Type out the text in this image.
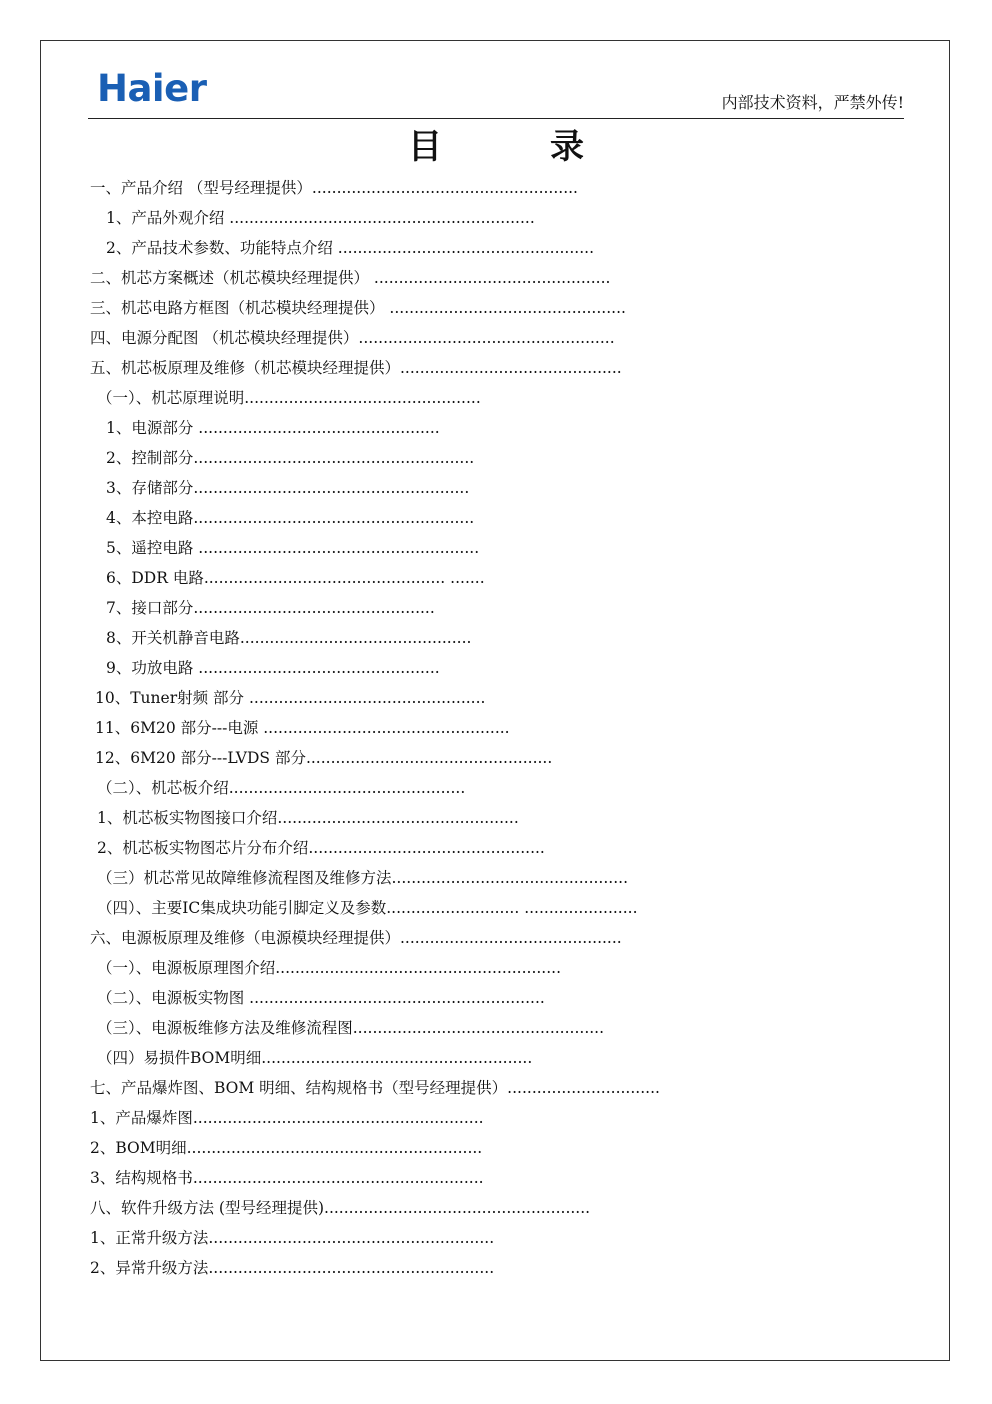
Haier	内部技术资料，严禁外传!
目	录
一、产品介绍 （型号经理提供）......................................................
1、产品外观介绍 ..............................................................
2、产品技术参数、功能特点介绍 ....................................................
二、机芯方案概述（机芯模块经理提供） ................................................
三、机芯电路方框图（机芯模块经理提供） ................................................
四、电源分配图 （机芯模块经理提供）....................................................
五、机芯板原理及维修（机芯模块经理提供）.............................................
（一）、机芯原理说明................................................
1、电源部分 .................................................
2、控制部分.........................................................
3、存储部分........................................................
4、本控电路.........................................................
5、遥控电路 .........................................................
6、DDR 电路................................................. .......
7、接口部分.................................................
8、开关机静音电路...............................................
9、功放电路 .................................................
10、Tuner射频 部分 ................................................
11、6M20 部分---电源 ..................................................
12、6M20 部分---LVDS 部分..................................................
（二）、机芯板介绍................................................
1、机芯板实物图接口介绍.................................................
2、机芯板实物图芯片分布介绍................................................
（三）机芯常见故障维修流程图及维修方法................................................
（四）、主要IC集成块功能引脚定义及参数........................... .......................
六、电源板原理及维修（电源模块经理提供）.............................................
（一）、电源板原理图介绍..........................................................
（二）、电源板实物图 ............................................................
（三）、电源板维修方法及维修流程图...................................................
（四）易损件BOM明细.......................................................
七、产品爆炸图、BOM 明细、结构规格书（型号经理提供）...............................
1、产品爆炸图...........................................................
2、BOM明细............................................................
3、结构规格书...........................................................
八、软件升级方法 (型号经理提供)......................................................
1、正常升级方法..........................................................
2、异常升级方法..........................................................
